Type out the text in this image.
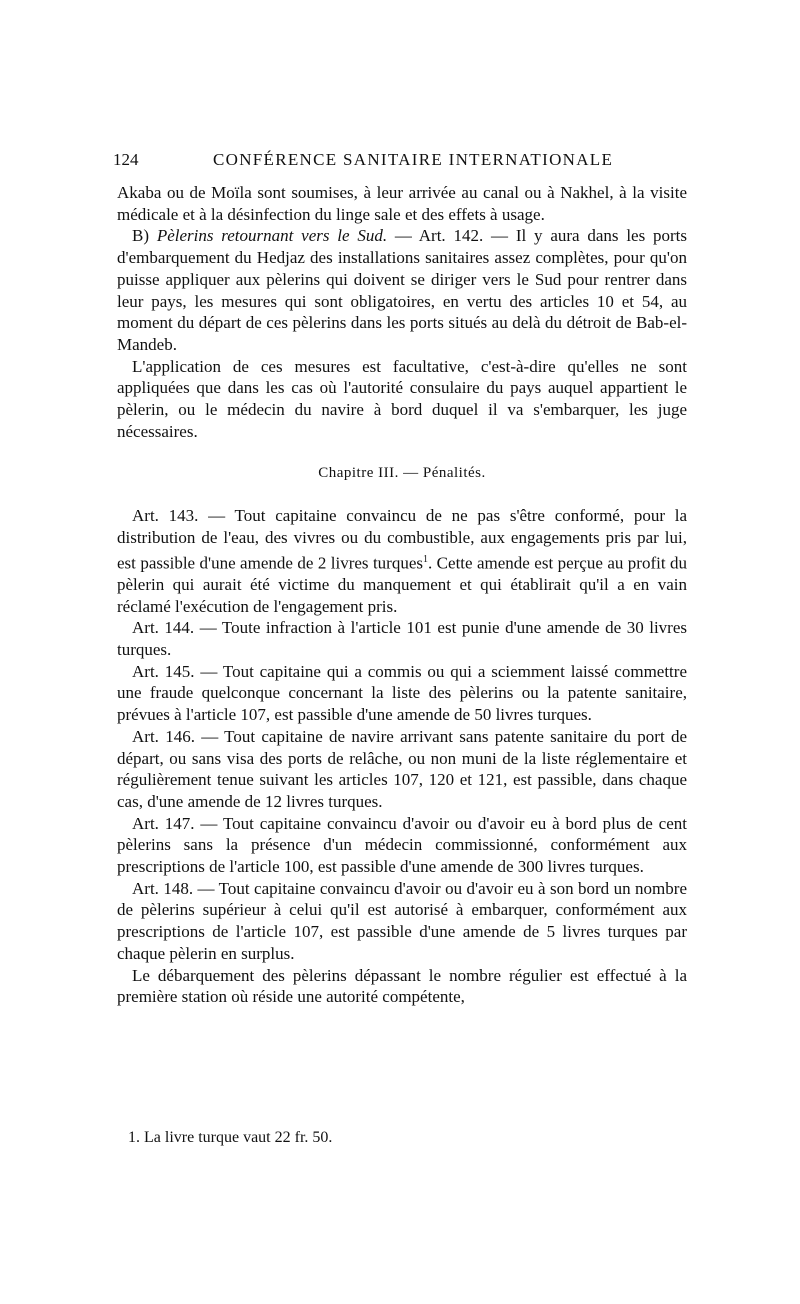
124	CONFÉRENCE SANITAIRE INTERNATIONALE

Akaba ou de Moïla sont soumises, à leur arrivée au canal ou à Nakhel, à la visite médicale et à la désinfection du linge sale et des effets à usage.

B) Pèlerins retournant vers le Sud. — Art. 142. — Il y aura dans les ports d'embarquement du Hedjaz des installations sanitaires assez complètes, pour qu'on puisse appliquer aux pèlerins qui doivent se diriger vers le Sud pour rentrer dans leur pays, les mesures qui sont obligatoires, en vertu des articles 10 et 54, au moment du départ de ces pèlerins dans les ports situés au delà du détroit de Bab-el-Mandeb.

L'application de ces mesures est facultative, c'est-à-dire qu'elles ne sont appliquées que dans les cas où l'autorité consulaire du pays auquel appartient le pèlerin, ou le médecin du navire à bord duquel il va s'embarquer, les juge nécessaires.

Chapitre III. — Pénalités.

Art. 143. — Tout capitaine convaincu de ne pas s'être conformé, pour la distribution de l'eau, des vivres ou du combustible, aux engagements pris par lui, est passible d'une amende de 2 livres turques$^1$. Cette amende est perçue au profit du pèlerin qui aurait été victime du manquement et qui établirait qu'il a en vain réclamé l'exécution de l'engagement pris.

Art. 144. — Toute infraction à l'article 101 est punie d'une amende de 30 livres turques.

Art. 145. — Tout capitaine qui a commis ou qui a sciemment laissé commettre une fraude quelconque concernant la liste des pèlerins ou la patente sanitaire, prévues à l'article 107, est passible d'une amende de 50 livres turques.

Art. 146. — Tout capitaine de navire arrivant sans patente sanitaire du port de départ, ou sans visa des ports de relâche, ou non muni de la liste réglementaire et régulièrement tenue suivant les articles 107, 120 et 121, est passible, dans chaque cas, d'une amende de 12 livres turques.

Art. 147. — Tout capitaine convaincu d'avoir ou d'avoir eu à bord plus de cent pèlerins sans la présence d'un médecin commissionné, conformément aux prescriptions de l'article 100, est passible d'une amende de 300 livres turques.

Art. 148. — Tout capitaine convaincu d'avoir ou d'avoir eu à son bord un nombre de pèlerins supérieur à celui qu'il est autorisé à embarquer, conformément aux prescriptions de l'article 107, est passible d'une amende de 5 livres turques par chaque pèlerin en surplus.

Le débarquement des pèlerins dépassant le nombre régulier est effectué à la première station où réside une autorité compétente,

1. La livre turque vaut 22 fr. 50.
